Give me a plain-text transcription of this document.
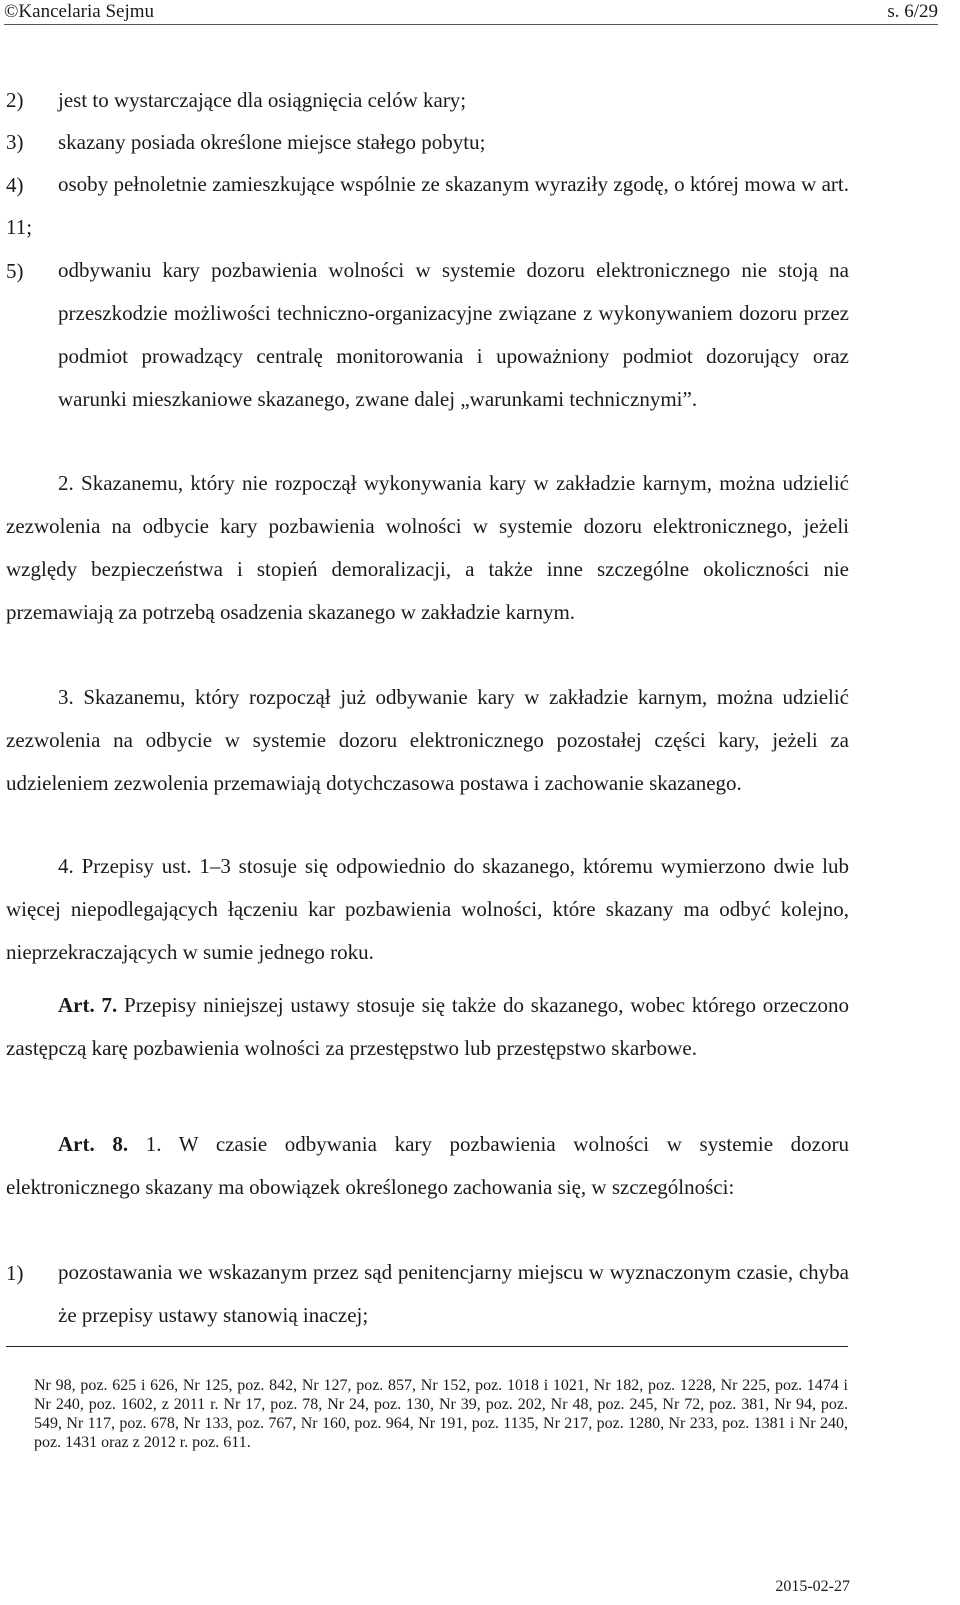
©Kancelaria Sejmu	s. 6/29
2)	jest to wystarczające dla osiągnięcia celów kary;
3)	skazany posiada określone miejsce stałego pobytu;
4)	osoby pełnoletnie zamieszkujące wspólnie ze skazanym wyraziły zgodę, o której mowa w art. 11;
5)	odbywaniu kary pozbawienia wolności w systemie dozoru elektronicznego nie stoją na przeszkodzie możliwości techniczno-organizacyjne związane z wykonywaniem dozoru przez podmiot prowadzący centralę monitorowania i upoważniony podmiot dozorujący oraz warunki mieszkaniowe skazanego, zwane dalej „warunkami technicznymi”.
2. Skazanemu, który nie rozpoczął wykonywania kary w zakładzie karnym, można udzielić zezwolenia na odbycie kary pozbawienia wolności w systemie dozoru elektronicznego, jeżeli względy bezpieczeństwa i stopień demoralizacji, a także inne szczególne okoliczności nie przemawiają za potrzebą osadzenia skazanego w zakładzie karnym.
3. Skazanemu, który rozpoczął już odbywanie kary w zakładzie karnym, można udzielić zezwolenia na odbycie w systemie dozoru elektronicznego pozostałej części kary, jeżeli za udzieleniem zezwolenia przemawiają dotychczasowa postawa i zachowanie skazanego.
4. Przepisy ust. 1–3 stosuje się odpowiednio do skazanego, któremu wymierzono dwie lub więcej niepodlegających łączeniu kar pozbawienia wolności, które skazany ma odbyć kolejno, nieprzekraczających w sumie jednego roku.
Art. 7. Przepisy niniejszej ustawy stosuje się także do skazanego, wobec którego orzeczono zastępczą karę pozbawienia wolności za przestępstwo lub przestępstwo skarbowe.
Art. 8. 1. W czasie odbywania kary pozbawienia wolności w systemie dozoru elektronicznego skazany ma obowiązek określonego zachowania się, w szczególności:
1)	pozostawania we wskazanym przez sąd penitencjarny miejscu w wyznaczonym czasie, chyba że przepisy ustawy stanowią inaczej;
Nr 98, poz. 625 i 626, Nr 125, poz. 842, Nr 127, poz. 857, Nr 152, poz. 1018 i 1021, Nr 182, poz. 1228, Nr 225, poz. 1474 i Nr 240, poz. 1602, z 2011 r. Nr 17, poz. 78, Nr 24, poz. 130, Nr 39, poz. 202, Nr 48, poz. 245, Nr 72, poz. 381, Nr 94, poz. 549, Nr 117, poz. 678, Nr 133, poz. 767, Nr 160, poz. 964, Nr 191, poz. 1135, Nr 217, poz. 1280, Nr 233, poz. 1381 i Nr 240, poz. 1431 oraz z 2012 r. poz. 611.
2015-02-27
